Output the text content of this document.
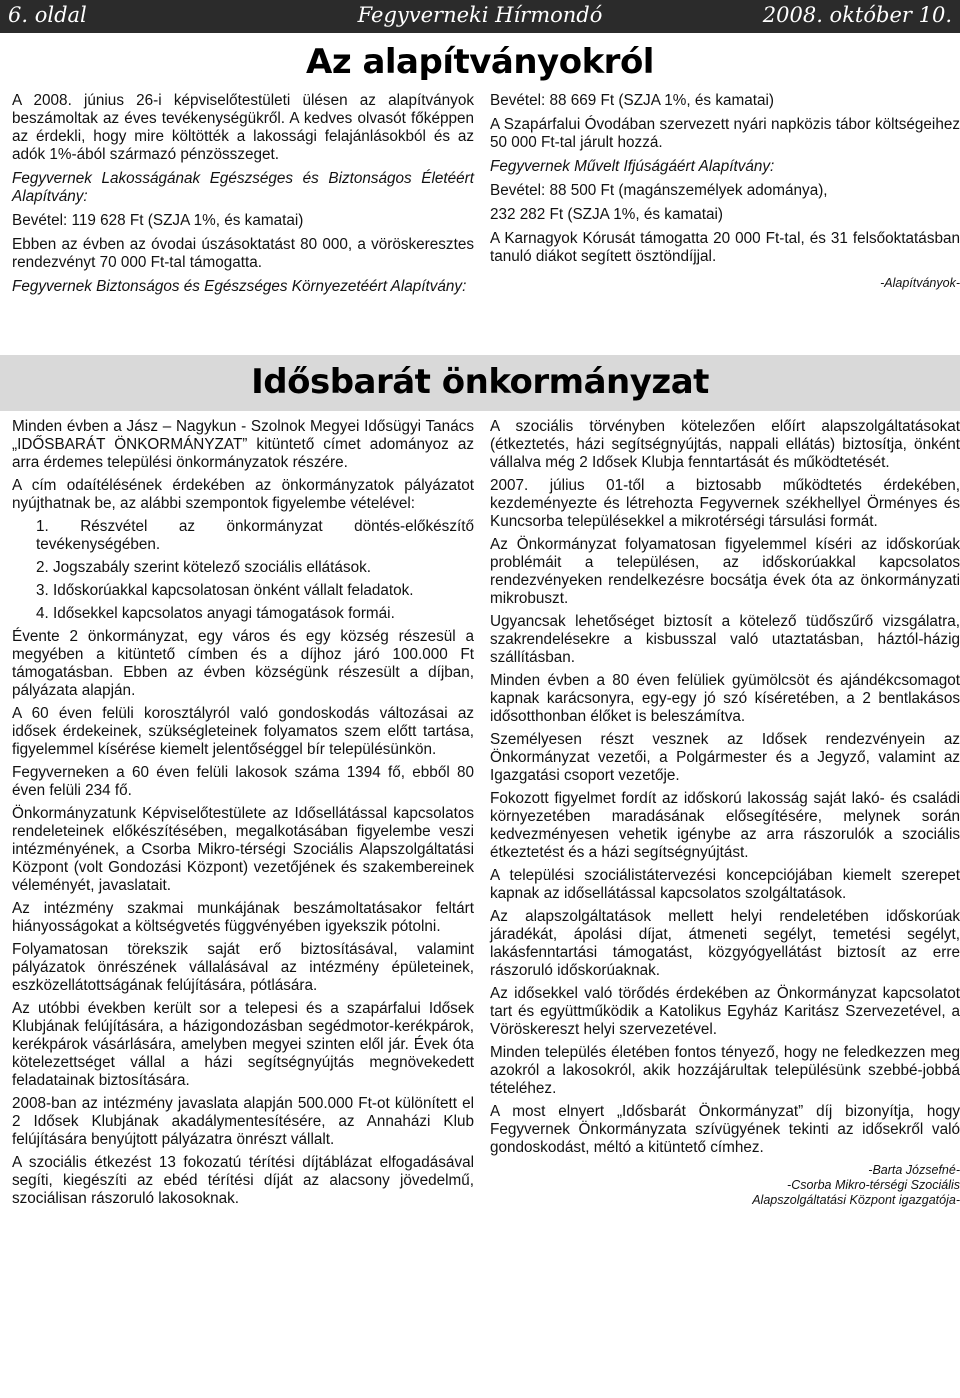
Fegyverneki Hírmondó
6. oldal	2008. október 10.
Az alapítványokról

A 2008. június 26-i képviselőtestületi ülésen az alapítványok beszámoltak az éves tevékenységükről. A kedves olvasót főképpen az érdekli, hogy mire költötték a lakossági felajánlásokból és az adók 1%-ából származó pénzösszeget.

Fegyvernek Lakosságának Egészséges és Biztonságos Életéért Alapítvány:

Bevétel: 119 628 Ft (SZJA 1%, és kamatai)

Ebben az évben az óvodai úszásoktatást 80 000, a vöröskeresztes rendezvényt 70 000 Ft-tal támogatta.

Fegyvernek Biztonságos és Egészséges Környezetéért Alapítvány:

Bevétel: 88 669 Ft (SZJA 1%, és kamatai)

A Szapárfalui Óvodában szervezett nyári napközis tábor költségeihez 50 000 Ft-tal járult hozzá.

Fegyvernek Művelt Ifjúságáért Alapítvány:

Bevétel: 88 500 Ft (magánszemélyek adománya),

232 282 Ft (SZJA 1%, és kamatai)

A Karnagyok Kórusát támogatta 20 000 Ft-tal, és 31 felsőoktatásban tanuló diákot segített ösztöndíjjal.

-Alapítványok-

Idősbarát önkormányzat

Minden évben a Jász – Nagykun - Szolnok Megyei Idősügyi Tanács „IDŐSBARÁT ÖNKORMÁNYZAT” kitüntető címet adományoz az arra érdemes települési önkormányzatok részére.

A cím odaítélésének érdekében az önkormányzatok pályázatot nyújthatnak be, az alábbi szempontok figyelembe vételével:

1. Részvétel az önkormányzat döntés-előkészítő tevékenységében.

2. Jogszabály szerint kötelező szociális ellátások.

3. Időskorúakkal kapcsolatosan önként vállalt feladatok.

4. Idősekkel kapcsolatos anyagi támogatások formái.

Évente 2 önkormányzat, egy város és egy község részesül a megyében a kitüntető címben és a díjhoz járó 100.000 Ft támogatásban. Ebben az évben községünk részesült a díjban, pályázata alapján.

A 60 éven felüli korosztályról való gondoskodás változásai az idősek érdekeinek, szükségleteinek folyamatos szem előtt tartása, figyelemmel kísérése kiemelt jelentőséggel bír településünkön.

Fegyverneken a 60 éven felüli lakosok száma 1394 fő, ebből 80 éven felüli 234 fő.

Önkormányzatunk Képviselőtestülete az Idősellátással kapcsolatos rendeleteinek előkészítésében, megalkotásában figyelembe veszi intézményének, a Csorba Mikro-térségi Szociális Alapszolgáltatási Központ (volt Gondozási Központ) vezetőjének és szakembereinek véleményét, javaslatait.

Az intézmény szakmai munkájának beszámoltatásakor feltárt hiányosságokat a költségvetés függvényében igyekszik pótolni.

Folyamatosan törekszik saját erő biztosításával, valamint pályázatok önrészének vállalásával az intézmény épületeinek, eszközellátottságának felújítására, pótlására.

Az utóbbi években került sor a telepesi és a szapárfalui Idősek Klubjának felújítására, a házigondozásban segédmotor-kerékpárok, kerékpárok vásárlására, amelyben megyei szinten elől jár. Évek óta kötelezettséget vállal a házi segítségnyújtás megnövekedett feladatainak biztosítására.

2008-ban az intézmény javaslata alapján 500.000 Ft-ot különített el 2 Idősek Klubjának akadálymentesítésére, az Annaházi Klub felújítására benyújtott pályázatra önrészt vállalt.

A szociális étkezést 13 fokozatú térítési díjtáblázat elfogadásával segíti, kiegészíti az ebéd térítési díját az alacsony jövedelmű, szociálisan rászoruló lakosoknak.

A szociális törvényben kötelezően előírt alapszolgáltatásokat (étkeztetés, házi segítségnyújtás, nappali ellátás) biztosítja, önként vállalva még 2 Idősek Klubja fenntartását és működtetését.

2007. július 01-től a biztosabb működtetés érdekében, kezdeményezte és létrehozta Fegyvernek székhellyel Örményes és Kuncsorba településekkel a mikrotérségi társulási formát.

Az Önkormányzat folyamatosan figyelemmel kíséri az időskorúak problémáit a településen, az időskorúakkal kapcsolatos rendezvényeken rendelkezésre bocsátja évek óta az önkormányzati mikrobuszt.

Ugyancsak lehetőséget biztosít a kötelező tüdőszűrő vizsgálatra, szakrendelésekre a kisbusszal való utaztatásban, háztól-házig szállításban.

Minden évben a 80 éven felüliek gyümölcsöt és ajándékcsomagot kapnak karácsonyra, egy-egy jó szó kíséretében, a 2 bentlakásos idősotthonban élőket is beleszámítva.

Személyesen részt vesznek az Idősek rendezvényein az Önkormányzat vezetői, a Polgármester és a Jegyző, valamint az Igazgatási csoport vezetője.

Fokozott figyelmet fordít az időskorú lakosság saját lakó- és családi környezetében maradásának elősegítésére, melynek során kedvezményesen vehetik igénybe az arra rászorulók a szociális étkeztetést és a házi segítségnyújtást.

A települési szociálistátervezési koncepciójában kiemelt szerepet kapnak az idősellátással kapcsolatos szolgáltatások.

Az alapszolgáltatások mellett helyi rendeletében időskorúak járadékát, ápolási díjat, átmeneti segélyt, temetési segélyt, lakásfenntartási támogatást, közgyógyellátást biztosít az erre rászoruló időskorúaknak.

Az idősekkel való törődés érdekében az Önkormányzat kapcsolatot tart és együttműködik a Katolikus Egyház Karitász Szervezetével, a Vöröskereszt helyi szervezetével.

Minden település életében fontos tényező, hogy ne feledkezzen meg azokról a lakosokról, akik hozzájárultak településünk szebbé-jobbá tételéhez.

A most elnyert „Idősbarát Önkormányzat” díj bizonyítja, hogy Fegyvernek Önkormányzata szívügyének tekinti az idősekről való gondoskodást, méltó a kitüntető címhez.

-Barta Józsefné-

-Csorba Mikro-térségi Szociális

Alapszolgáltatási Központ igazgatója-
